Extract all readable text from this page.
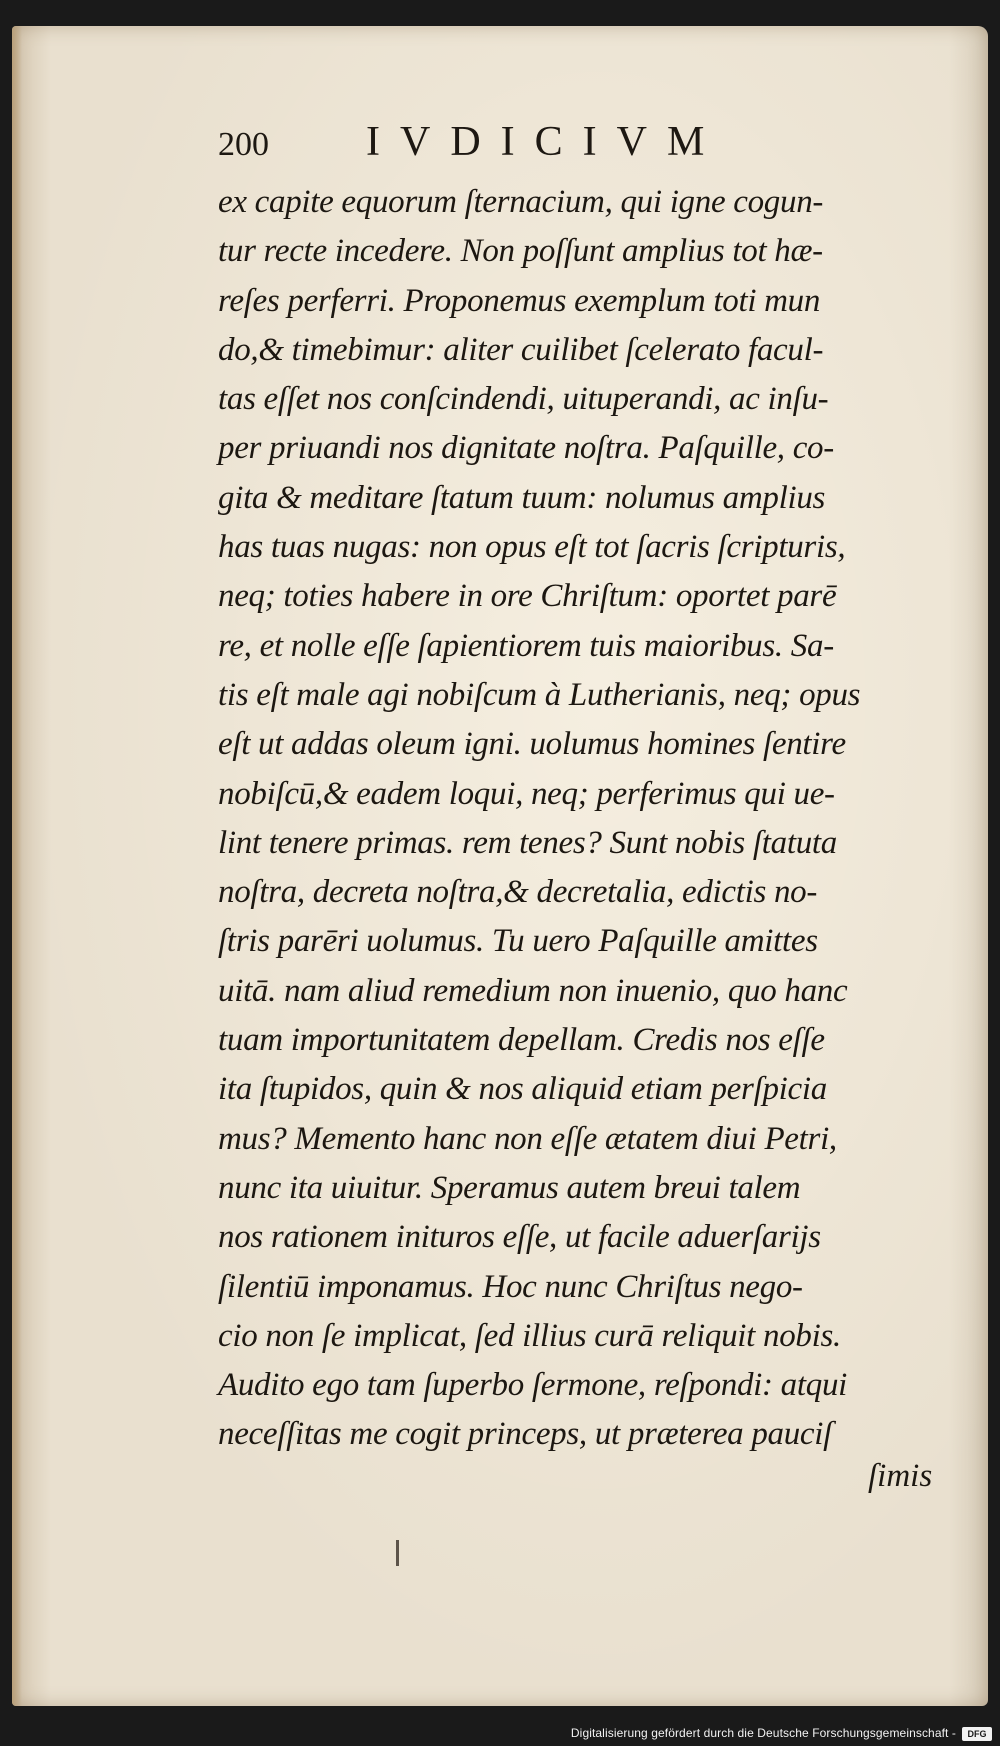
200 IVDICIVM
ex capite equorum ſternacium, qui igne cogun-
tur recte incedere. Non poſſunt amplius tot hæ-
reſes perferri. Proponemus exemplum toti mun
do,& timebimur: aliter cuilibet ſcelerato facul-
tas eſſet nos conſcindendi, uituperandi, ac inſu-
per priuandi nos dignitate noſtra. Paſquille, co-
gita & meditare ſtatum tuum: nolumus amplius
has tuas nugas: non opus eſt tot ſacris ſcripturis,
neq; toties habere in ore Chriſtum: oportet parē
re, et nolle eſſe ſapientiorem tuis maioribus. Sa-
tis eſt male agi nobiſcum à Lutherianis, neq; opus
eſt ut addas oleum igni. uolumus homines ſentire
nobiſcū,& eadem loqui, neq; perferimus qui ue-
lint tenere primas. rem tenes? Sunt nobis ſtatuta
noſtra, decreta noſtra,& decretalia, edictis no-
ſtris parēri uolumus. Tu uero Paſquille amittes
uitā. nam aliud remedium non inuenio, quo hanc
tuam importunitatem depellam. Credis nos eſſe
ita ſtupidos, quin & nos aliquid etiam perſpicia
mus? Memento hanc non eſſe ætatem diui Petri,
nunc ita uiuitur. Speramus autem breui talem
nos rationem inituros eſſe, ut facile aduerſarijs
ſilentiū imponamus. Hoc nunc Chriſtus nego-
cio non ſe implicat, ſed illius curā reliquit nobis.
Audito ego tam ſuperbo ſermone, reſpondi: atqui
neceſſitas me cogit princeps, ut præterea pauciſ
ſimis
Digitalisierung gefördert durch die Deutsche Forschungsgemeinschaft -	DFG
